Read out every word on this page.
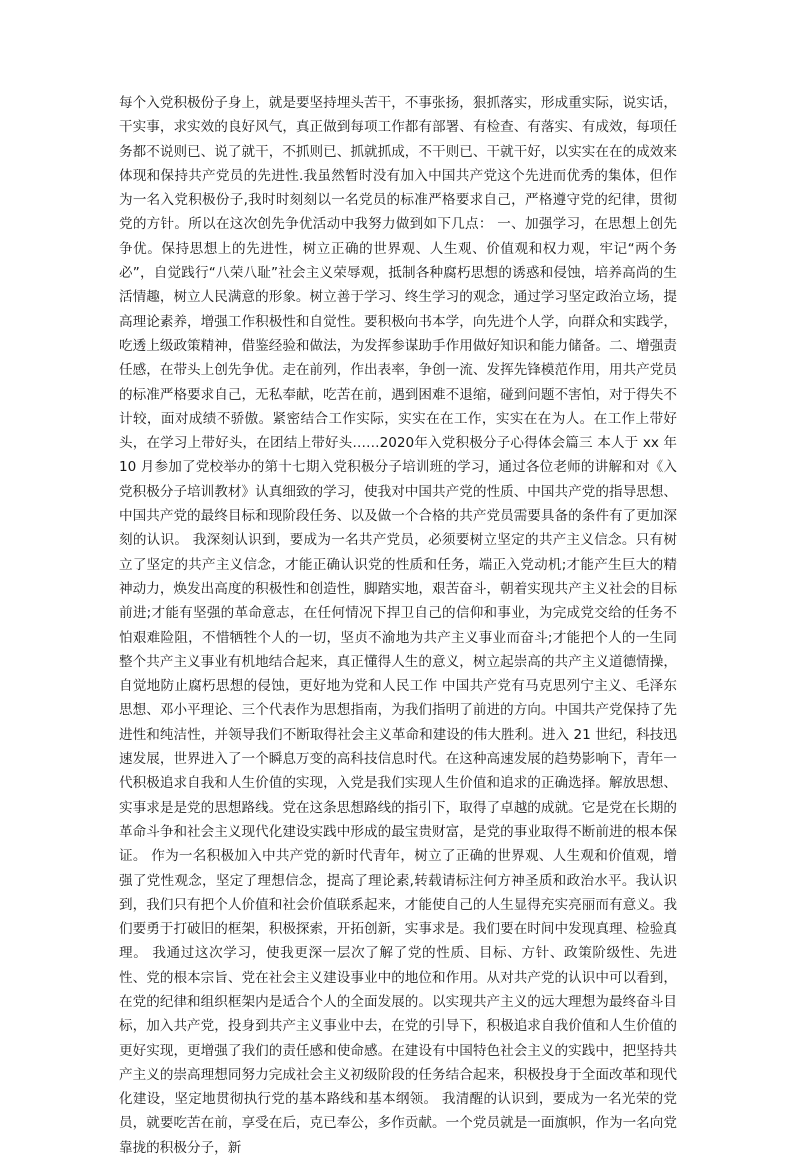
每个入党积极份子身上，就是要坚持埋头苦干，不事张扬，狠抓落实，形成重实际，说实话，干实事，求实效的良好风气，真正做到每项工作都有部署、有检查、有落实、有成效，每项任务都不说则已、说了就干，不抓则已、抓就抓成，不干则已、干就干好，以实实在在的成效来体现和保持共产党员的先进性.我虽然暂时没有加入中国共产党这个先进而优秀的集体，但作为一名入党积极份子,我时时刻刻以一名党员的标准严格要求自己，严格遵守党的纪律，贯彻党的方针。所以在这次创先争优活动中我努力做到如下几点： 一、加强学习，在思想上创先争优。保持思想上的先进性，树立正确的世界观、人生观、价值观和权力观，牢记“两个务必”，自觉践行“八荣八耻”社会主义荣辱观，抵制各种腐朽思想的诱惑和侵蚀，培养高尚的生活情趣，树立人民满意的形象。树立善于学习、终生学习的观念，通过学习坚定政治立场，提高理论素养，增强工作积极性和自觉性。要积极向书本学，向先进个人学，向群众和实践学，吃透上级政策精神，借鉴经验和做法，为发挥参谋助手作用做好知识和能力储备。二、增强责任感，在带头上创先争优。走在前列，作出表率，争创一流、发挥先锋模范作用，用共产党员的标准严格要求自己，无私奉献，吃苦在前，遇到困难不退缩，碰到问题不害怕，对于得失不计较，面对成绩不骄傲。紧密结合工作实际，实实在在工作，实实在在为人。在工作上带好头，在学习上带好头，在团结上带好头……2020年入党积极分子心得体会篇三 本人于 xx 年 10 月参加了党校举办的第十七期入党积极分子培训班的学习，通过各位老师的讲解和对《入党积极分子培训教材》认真细致的学习，使我对中国共产党的性质、中国共产党的指导思想、中国共产党的最终目标和现阶段任务、以及做一个合格的共产党员需要具备的条件有了更加深刻的认识。 我深刻认识到，要成为一名共产党员，必须要树立坚定的共产主义信念。只有树立了坚定的共产主义信念，才能正确认识党的性质和任务，端正入党动机;才能产生巨大的精神动力，焕发出高度的积极性和创造性，脚踏实地，艰苦奋斗，朝着实现共产主义社会的目标前进;才能有坚强的革命意志，在任何情况下捍卫自己的信仰和事业，为完成党交给的任务不怕艰难险阻，不惜牺牲个人的一切，坚贞不渝地为共产主义事业而奋斗;才能把个人的一生同整个共产主义事业有机地结合起来，真正懂得人生的意义，树立起崇高的共产主义道德情操，自觉地防止腐朽思想的侵蚀，更好地为党和人民工作 中国共产党有马克思列宁主义、毛泽东思想、邓小平理论、三个代表作为思想指南，为我们指明了前进的方向。中国共产党保持了先进性和纯洁性，并领导我们不断取得社会主义革命和建设的伟大胜利。进入 21 世纪，科技迅速发展，世界进入了一个瞬息万变的高科技信息时代。在这种高速发展的趋势影响下，青年一代积极追求自我和人生价值的实现，入党是我们实现人生价值和追求的正确选择。解放思想、实事求是是党的思想路线。党在这条思想路线的指引下，取得了卓越的成就。它是党在长期的革命斗争和社会主义现代化建设实践中形成的最宝贵财富，是党的事业取得不断前进的根本保证。 作为一名积极加入中共产党的新时代青年，树立了正确的世界观、人生观和价值观，增强了党性观念，坚定了理想信念，提高了理论素,转载请标注何方神圣质和政治水平。我认识到，我们只有把个人价值和社会价值联系起来，才能使自己的人生显得充实亮丽而有意义。我们要勇于打破旧的框架，积极探索，开拓创新，实事求是。我们要在时间中发现真理、检验真理。 我通过这次学习，使我更深一层次了解了党的性质、目标、方针、政策阶级性、先进性、党的根本宗旨、党在社会主义建设事业中的地位和作用。从对共产党的认识中可以看到，在党的纪律和组织框架内是适合个人的全面发展的。以实现共产主义的远大理想为最终奋斗目标，加入共产党，投身到共产主义事业中去，在党的引导下，积极追求自我价值和人生价值的更好实现，更增强了我们的责任感和使命感。在建设有中国特色社会主义的实践中，把坚持共产主义的崇高理想同努力完成社会主义初级阶段的任务结合起来，积极投身于全面改革和现代化建设，坚定地贯彻执行党的基本路线和基本纲领。 我清醒的认识到，要成为一名光荣的党员，就要吃苦在前，享受在后，克已奉公，多作贡献。一个党员就是一面旗帜，作为一名向党靠拢的积极分子，新
